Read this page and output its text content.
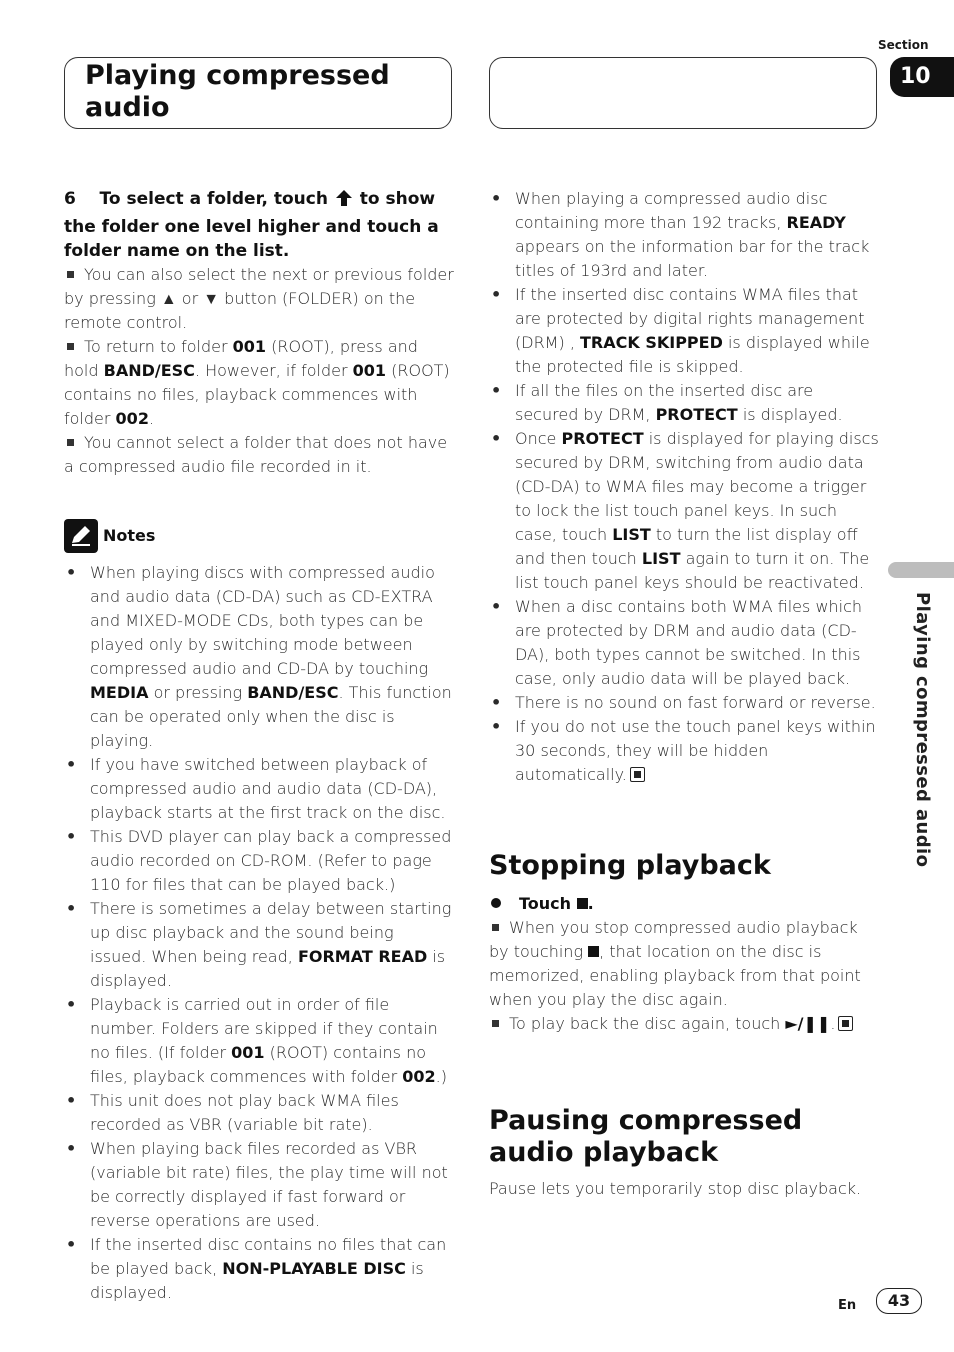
Playing compressed audio
Section
10
Playing compressed audio

6 To select a folder, touch to show the folder one level higher and touch a folder name on the list.

You can also select the next or previous folder by pressing ▲ or ▼ button (FOLDER) on the remote control.

To return to folder 001 (ROOT), press and hold BAND/ESC. However, if folder 001 (ROOT) contains no files, playback commences with folder 002.

You cannot select a folder that does not have a compressed audio file recorded in it.

Notes
• When playing discs with compressed audio and audio data (CD-DA) such as CD-EXTRA and MIXED-MODE CDs, both types can be played only by switching mode between compressed audio and CD-DA by touching MEDIA or pressing BAND/ESC. This function can be operated only when the disc is playing.
• If you have switched between playback of compressed audio and audio data (CD-DA), playback starts at the first track on the disc.
• This DVD player can play back a compressed audio recorded on CD-ROM. (Refer to page 110 for files that can be played back.)
• There is sometimes a delay between starting up disc playback and the sound being issued. When being read, FORMAT READ is displayed.
• Playback is carried out in order of file number. Folders are skipped if they contain no files. (If folder 001 (ROOT) contains no files, playback commences with folder 002.)
• This unit does not play back WMA files recorded as VBR (variable bit rate).
• When playing back files recorded as VBR (variable bit rate) files, the play time will not be correctly displayed if fast forward or reverse operations are used.
• If the inserted disc contains no files that can be played back, NON-PLAYABLE DISC is displayed.
• When playing a compressed audio disc containing more than 192 tracks, READY appears on the information bar for the track titles of 193rd and later.
• If the inserted disc contains WMA files that are protected by digital rights management (DRM) , TRACK SKIPPED is displayed while the protected file is skipped.
• If all the files on the inserted disc are secured by DRM, PROTECT is displayed.
• Once PROTECT is displayed for playing discs secured by DRM, switching from audio data (CD-DA) to WMA files may become a trigger to lock the list touch panel keys. In such case, touch LIST to turn the list display off and then touch LIST again to turn it on. The list touch panel keys should be reactivated.
• When a disc contains both WMA files which are protected by DRM and audio data (CD-DA), both types cannot be switched. In this case, only audio data will be played back.
• There is no sound on fast forward or reverse.
• If you do not use the touch panel keys within 30 seconds, they will be hidden automatically.
Stopping playback

Touch .

When you stop compressed audio playback by touching , that location on the disc is memorized, enabling playback from that point when you play the disc again.

To play back the disc again, touch ►/❚❚.

Pausing compressed audio playback
Pause lets you temporarily stop disc playback.
En	43
